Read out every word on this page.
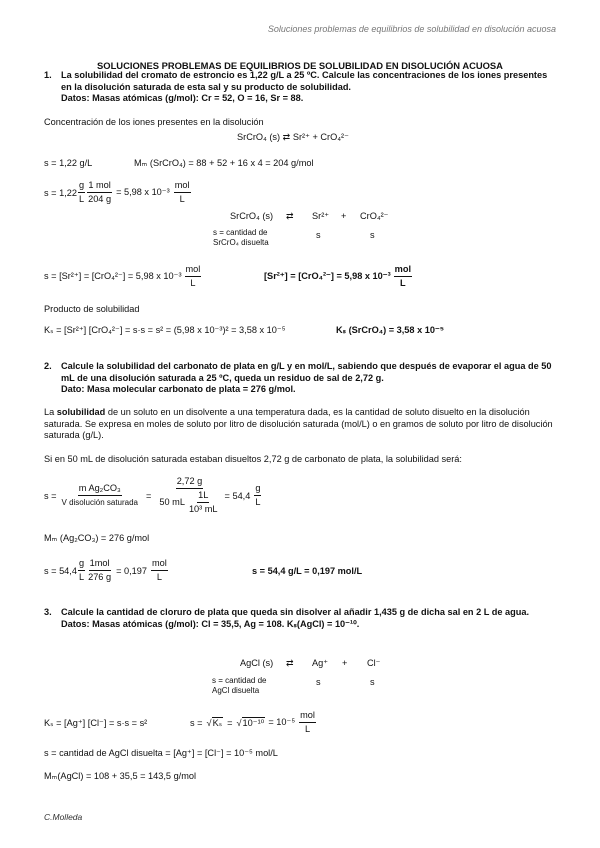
Soluciones problemas de equilibrios de solubilidad en disolución acuosa
SOLUCIONES PROBLEMAS DE EQUILIBRIOS DE SOLUBILIDAD EN DISOLUCIÓN ACUOSA
1. La solubilidad del cromato de estroncio es 1,22 g/L a 25 ºC. Calcule las concentraciones de los iones presentes en la disolución saturada de esta sal y su producto de solubilidad.
Datos: Masas atómicas (g/mol): Cr = 52, O = 16, Sr = 88.
Concentración de los iones presentes en la disolución
SrCrO₄ (s) ⇄ Sr²⁺ + CrO₄²⁻
s = 1,22 g/L	Mₘ (SrCrO₄) = 88 + 52 + 16 x 4 = 204 g/mol
$s = 1,22 \frac{g}{L} \frac{\text{1 mol}}{204 g} = 5,98$ x $10^{-3} \frac{\text{mol}}{L}$
SrCrO₄ (s) ⇄ Sr²⁺ + CrO₄²⁻
s = cantidad de
SrCrO₄ disuelta
s	s
s = [Sr²⁺] = [CrO₄²⁻] = 5,98 x $10^{-3} \frac{\text{mol}}{L}$	[Sr²⁺] = [CrO₄²⁻] = 5,98 x $10^{-3} \frac{\text{mol}}{L}$
Producto de solubilidad
Kₛ = [Sr²⁺] [CrO₄²⁻] = s·s = s² = (5,98 x 10⁻³)² = 3,58 x 10⁻⁵	Kₛ (SrCrO₄) = 3,58 x 10⁻⁵
2. Calcule la solubilidad del carbonato de plata en g/L y en mol/L, sabiendo que después de evaporar el agua de 50 mL de una disolución saturada a 25 ºC, queda un residuo de sal de 2,72 g.
Dato: Masa molecular carbonato de plata = 276 g/mol.
La solubilidad de un soluto en un disolvente a una temperatura dada, es la cantidad de soluto disuelto en la disolución saturada. Se expresa en moles de soluto por litro de disolución saturada (mol/L) o en gramos de soluto por litro de disolución saturada (g/L).
Si en 50 mL de disolución saturada estaban disueltos 2,72 g de carbonato de plata, la solubilidad será:
$s = \frac{\text{m Ag₂CO₃}}{\text{V disolución saturada}} = \frac{2,72 g}{50 mL \frac{1L}{\text{10³ mL}}} = 54,4 \frac{g}{L}$
Mₘ (Ag₂CO₃) = 276 g/mol
$s = 54,4 \frac{g}{L} \frac{\text{1mol}}{276 g} = 0,197 \frac{\text{mol}}{L}$	s = 54,4 g/L = 0,197 mol/L
3. Calcule la cantidad de cloruro de plata que queda sin disolver al añadir 1,435 g de dicha sal en 2 L de agua.
Datos: Masas atómicas (g/mol): Cl = 35,5, Ag = 108. Kₛ(AgCl) = 10⁻¹⁰.
AgCl (s) ⇄ Ag⁺ + Cl⁻
s = cantidad de
AgCl disuelta
s	s
Kₛ = [Ag⁺] [Cl⁻] = s·s = s²	s = √ Kₛ = √ $10^{-10} = 10^{-5} \frac{\text{mol}}{L}$
s = cantidad de AgCl disuelta = [Ag⁺] = [Cl⁻] = 10⁻⁵ mol/L
Mₘ(AgCl) = 108 + 35,5 = 143,5 g/mol
C.Molleda
